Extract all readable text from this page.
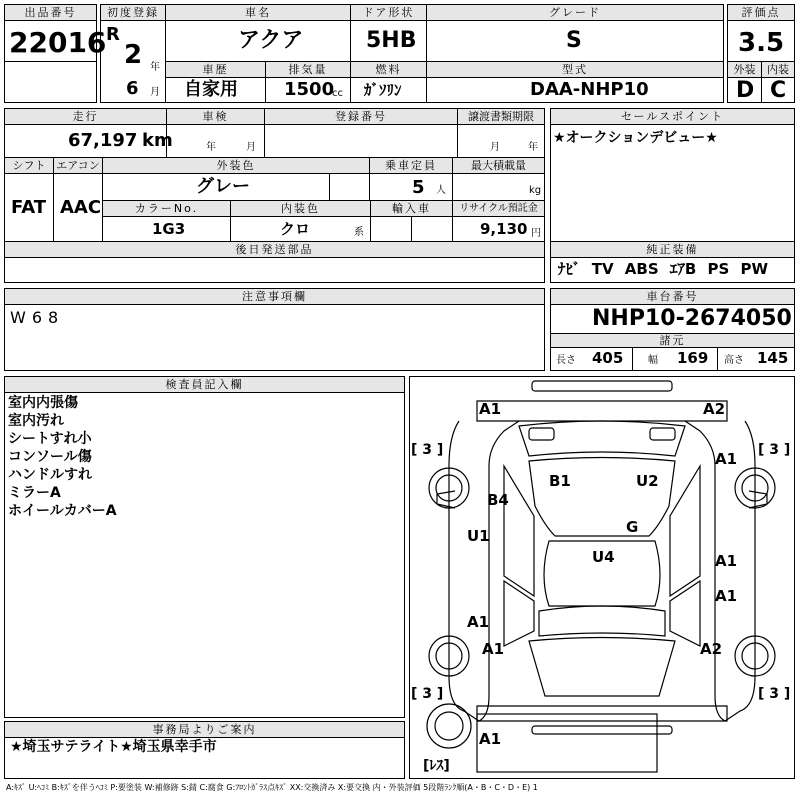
出品番号
22016
初度登録
R
2 年
6 月
車名
アクア
ドア形状
5HB
グレード
S
評価点
3.5
車歴
自家用
排気量
1500
cc
燃料
ｶﾞｿﾘﾝ
型式
DAA-NHP10
外装	内装
D C
走行
67,197 km
車検
年	月
登録番号	譲渡書類期限
月	年
シフト
FAT
エアコン
AAC
外装色
グレー
乗車定員
5 人
最大積載量
kg
カラーNo.
1G3
内装色
クロ	系
輸入車	リサイクル預託金
9,130 円
後日発送部品
セールスポイント
★オークションデビュー★
純正装備
ﾅﾋﾞ TV ABS ｴｱB PS PW
注意事項欄
W68
車台番号
NHP10-2674050
諸元
長さ 405 幅 169 高さ 145
検査員記入欄
室内内張傷
室内汚れ
シートすれ小
コンソール傷
ハンドルすれ
ミラーA
ホイールカバーA
事務局よりご案内
★埼玉サテライト★埼玉県幸手市
A1	A2
A1
B1	U2
B4
G
U1
U4	A1
A1
A1
A1	A2
A1
[ 3 ]	[ 3 ]
[ 3 ]	[ 3 ]
[ﾚｽ]
A:ｷｽﾞ U:ﾍｺﾐ B:ｷｽﾞを伴うﾍｺﾐ P:要塗装 W:補修跡 S:錆 C:腐食 G:ﾌﾛﾝﾄｶﾞﾗｽ点ｷｽﾞ XX:交換済み X:要交換 内・外装評価 5段階ﾗﾝｸ順(A・B・C・D・E) 1
